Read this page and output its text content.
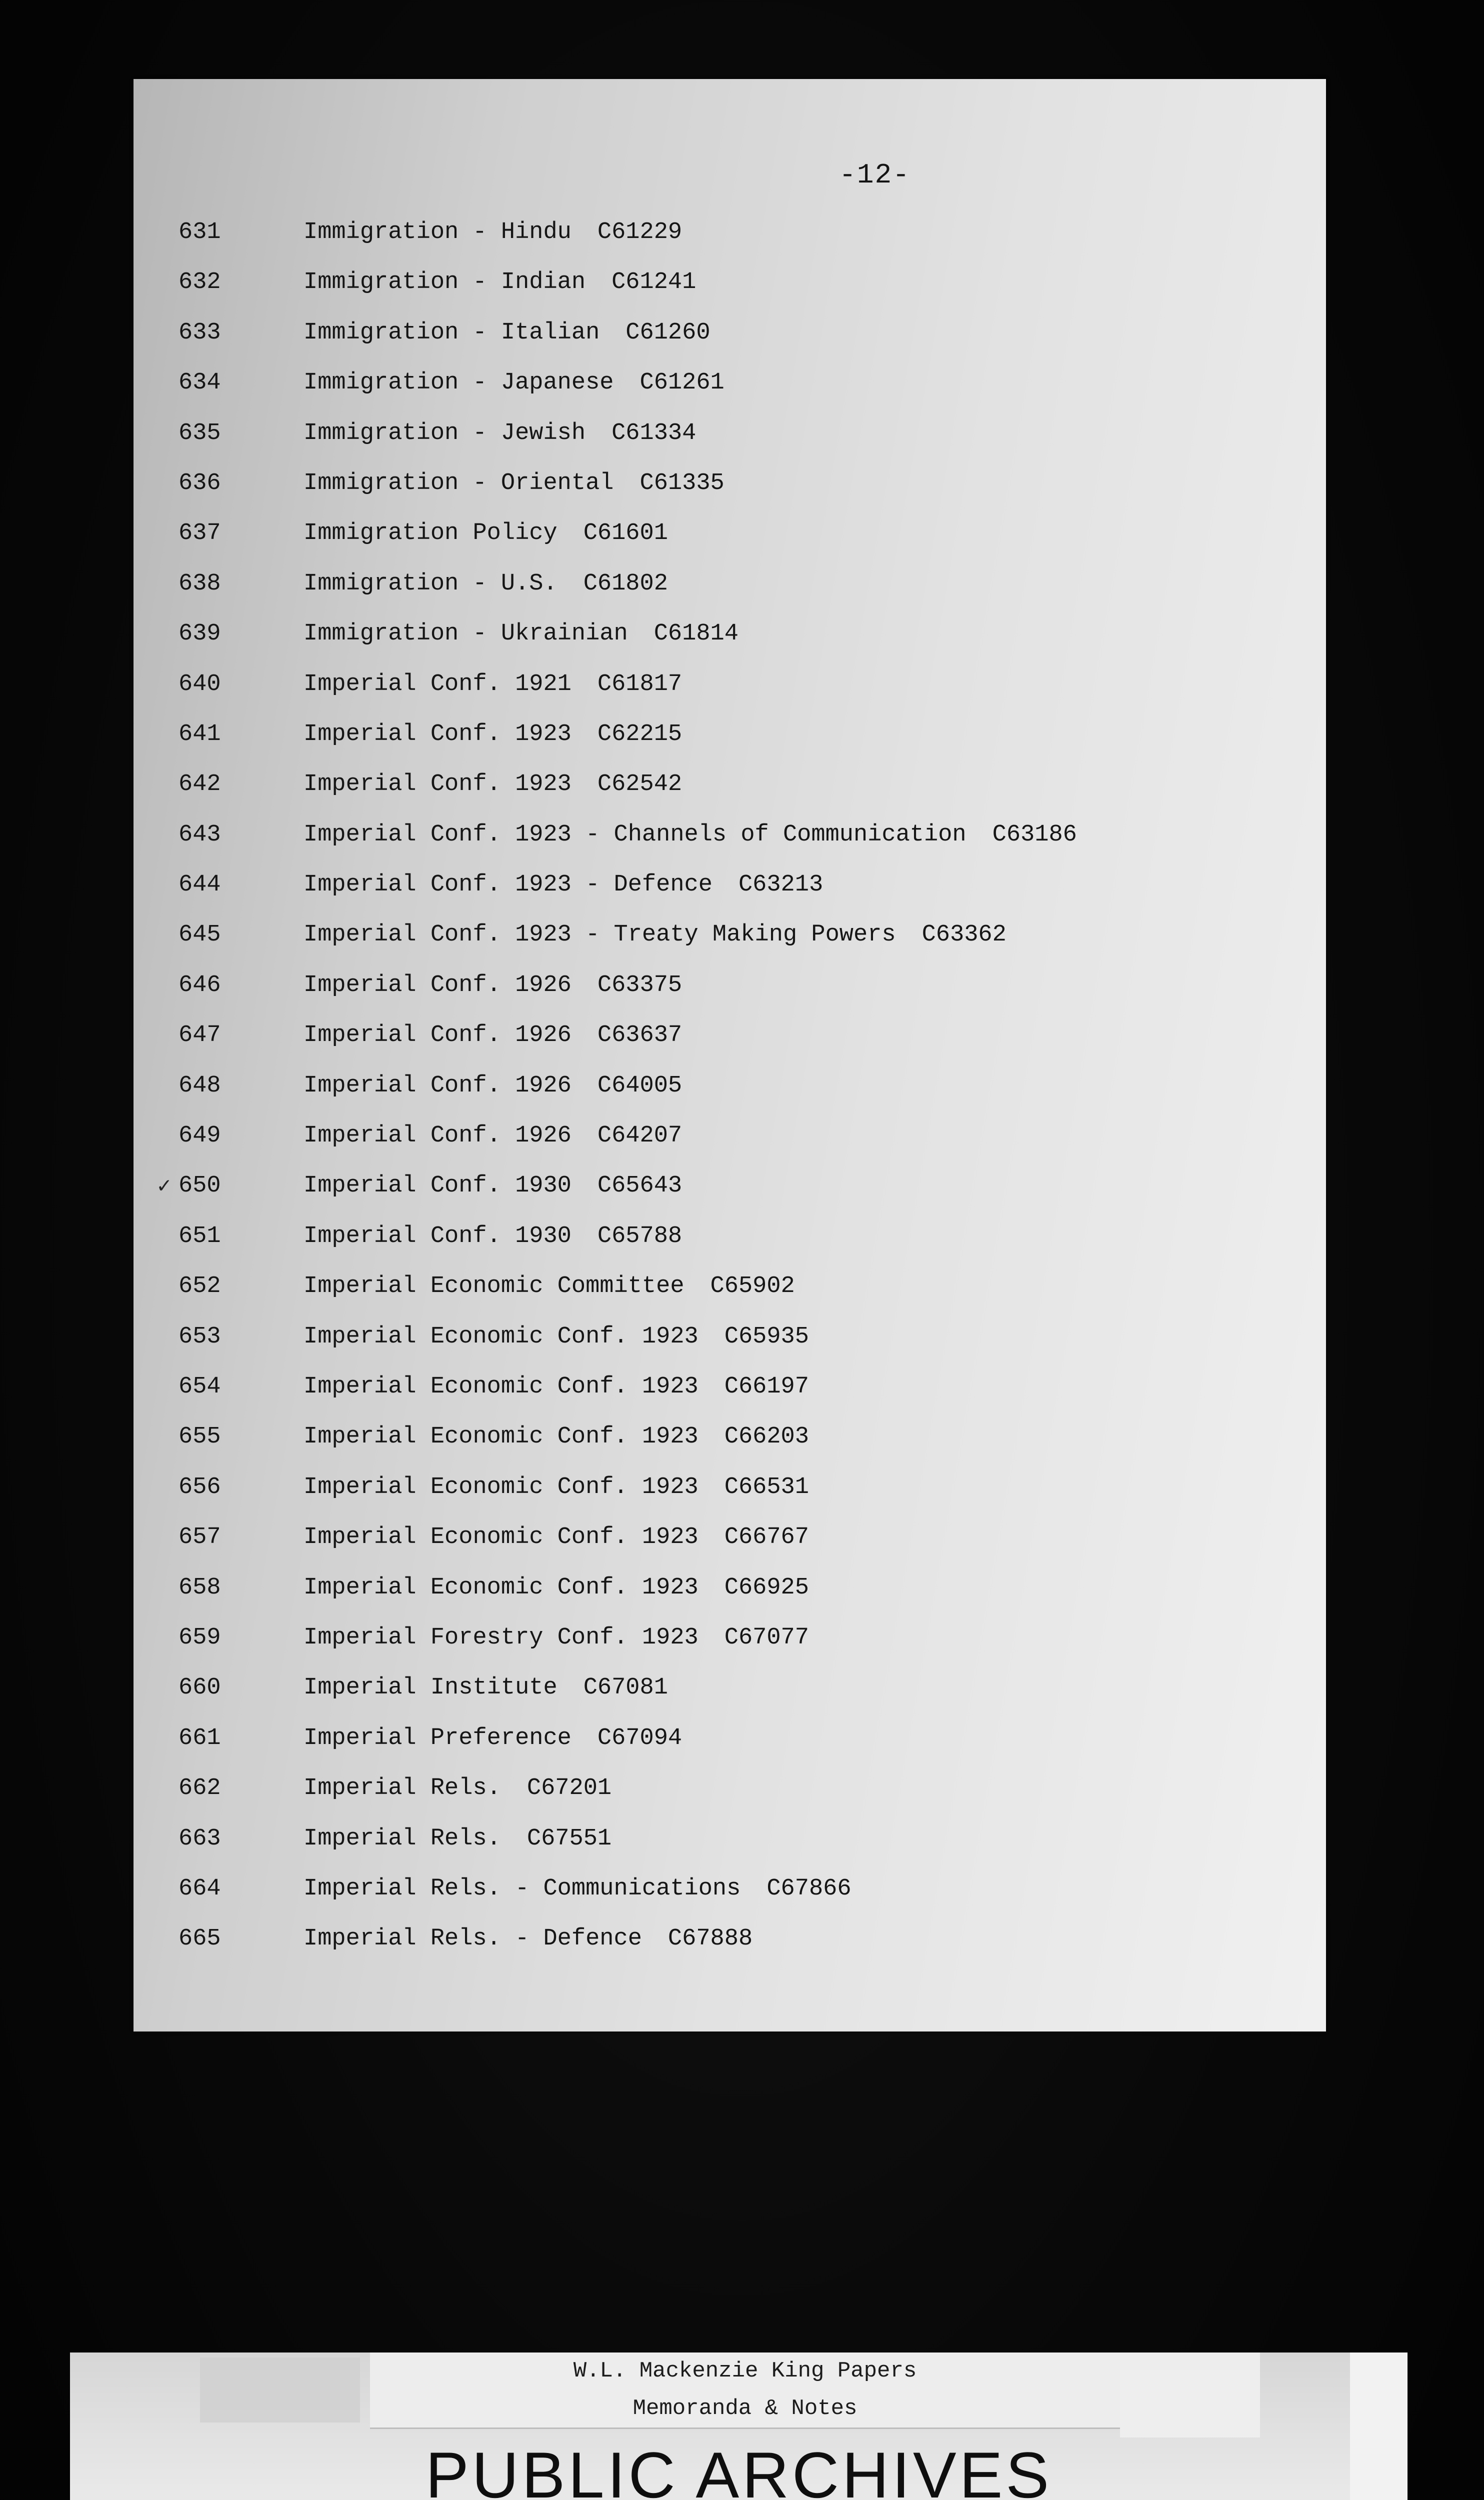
-12-
631	Immigration - Hindu C61229
632	Immigration - Indian C61241
633	Immigration - Italian C61260
634	Immigration - Japanese C61261
635	Immigration - Jewish C61334
636	Immigration - Oriental C61335
637	Immigration Policy C61601
638	Immigration - U.S. C61802
639	Immigration - Ukrainian C61814
640	Imperial Conf. 1921 C61817
641	Imperial Conf. 1923 C62215
642	Imperial Conf. 1923 C62542
643	Imperial Conf. 1923 - Channels of Communication C63186
644	Imperial Conf. 1923 - Defence C63213
645	Imperial Conf. 1923 - Treaty Making Powers C63362
646	Imperial Conf. 1926 C63375
647	Imperial Conf. 1926 C63637
648	Imperial Conf. 1926 C64005
649	Imperial Conf. 1926 C64207
✓ 650	Imperial Conf. 1930 C65643
651	Imperial Conf. 1930 C65788
652	Imperial Economic Committee C65902
653	Imperial Economic Conf. 1923 C65935
654	Imperial Economic Conf. 1923 C66197
655	Imperial Economic Conf. 1923 C66203
656	Imperial Economic Conf. 1923 C66531
657	Imperial Economic Conf. 1923 C66767
658	Imperial Economic Conf. 1923 C66925
659	Imperial Forestry Conf. 1923 C67077
660	Imperial Institute C67081
661	Imperial Preference C67094
662	Imperial Rels. C67201
663	Imperial Rels. C67551
664	Imperial Rels. - Communications C67866
665	Imperial Rels. - Defence C67888
W.L. Mackenzie King Papers
Memoranda & Notes
PUBLIC ARCHIVES
